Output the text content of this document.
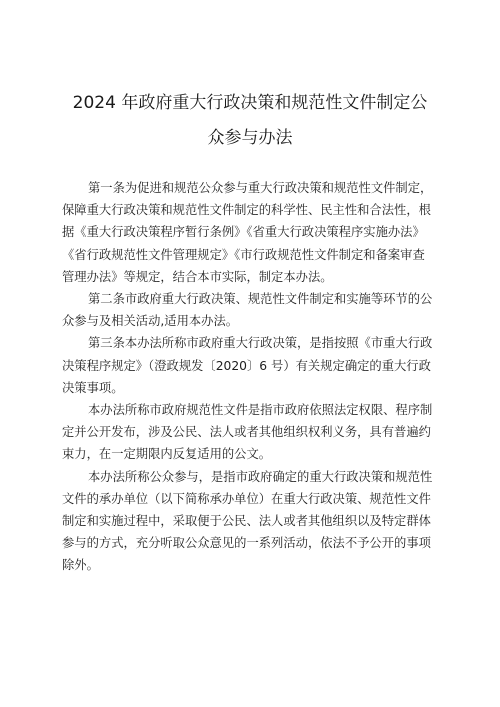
2024 年政府重大行政决策和规范性文件制定公
众参与办法

第一条为促进和规范公众参与重大行政决策和规范性文件制定，
保障重大行政决策和规范性文件制定的科学性、民主性和合法性，根
据《重大行政决策程序暂行条例》《省重大行政决策程序实施办法》
《省行政规范性文件管理规定》《市行政规范性文件制定和备案审查
管理办法》等规定，结合本市实际，制定本办法。

第二条市政府重大行政决策、规范性文件制定和实施等环节的公
众参与及相关活动,适用本办法。

第三条本办法所称市政府重大行政决策，是指按照《市重大行政
决策程序规定》（澄政规发〔2020〕6 号）有关规定确定的重大行政
决策事项。

本办法所称市政府规范性文件是指市政府依照法定权限、程序制
定并公开发布，涉及公民、法人或者其他组织权利义务，具有普遍约
束力，在一定期限内反复适用的公文。

本办法所称公众参与，是指市政府确定的重大行政决策和规范性
文件的承办单位（以下简称承办单位）在重大行政决策、规范性文件
制定和实施过程中，采取便于公民、法人或者其他组织以及特定群体
参与的方式，充分听取公众意见的一系列活动，依法不予公开的事项
除外。
